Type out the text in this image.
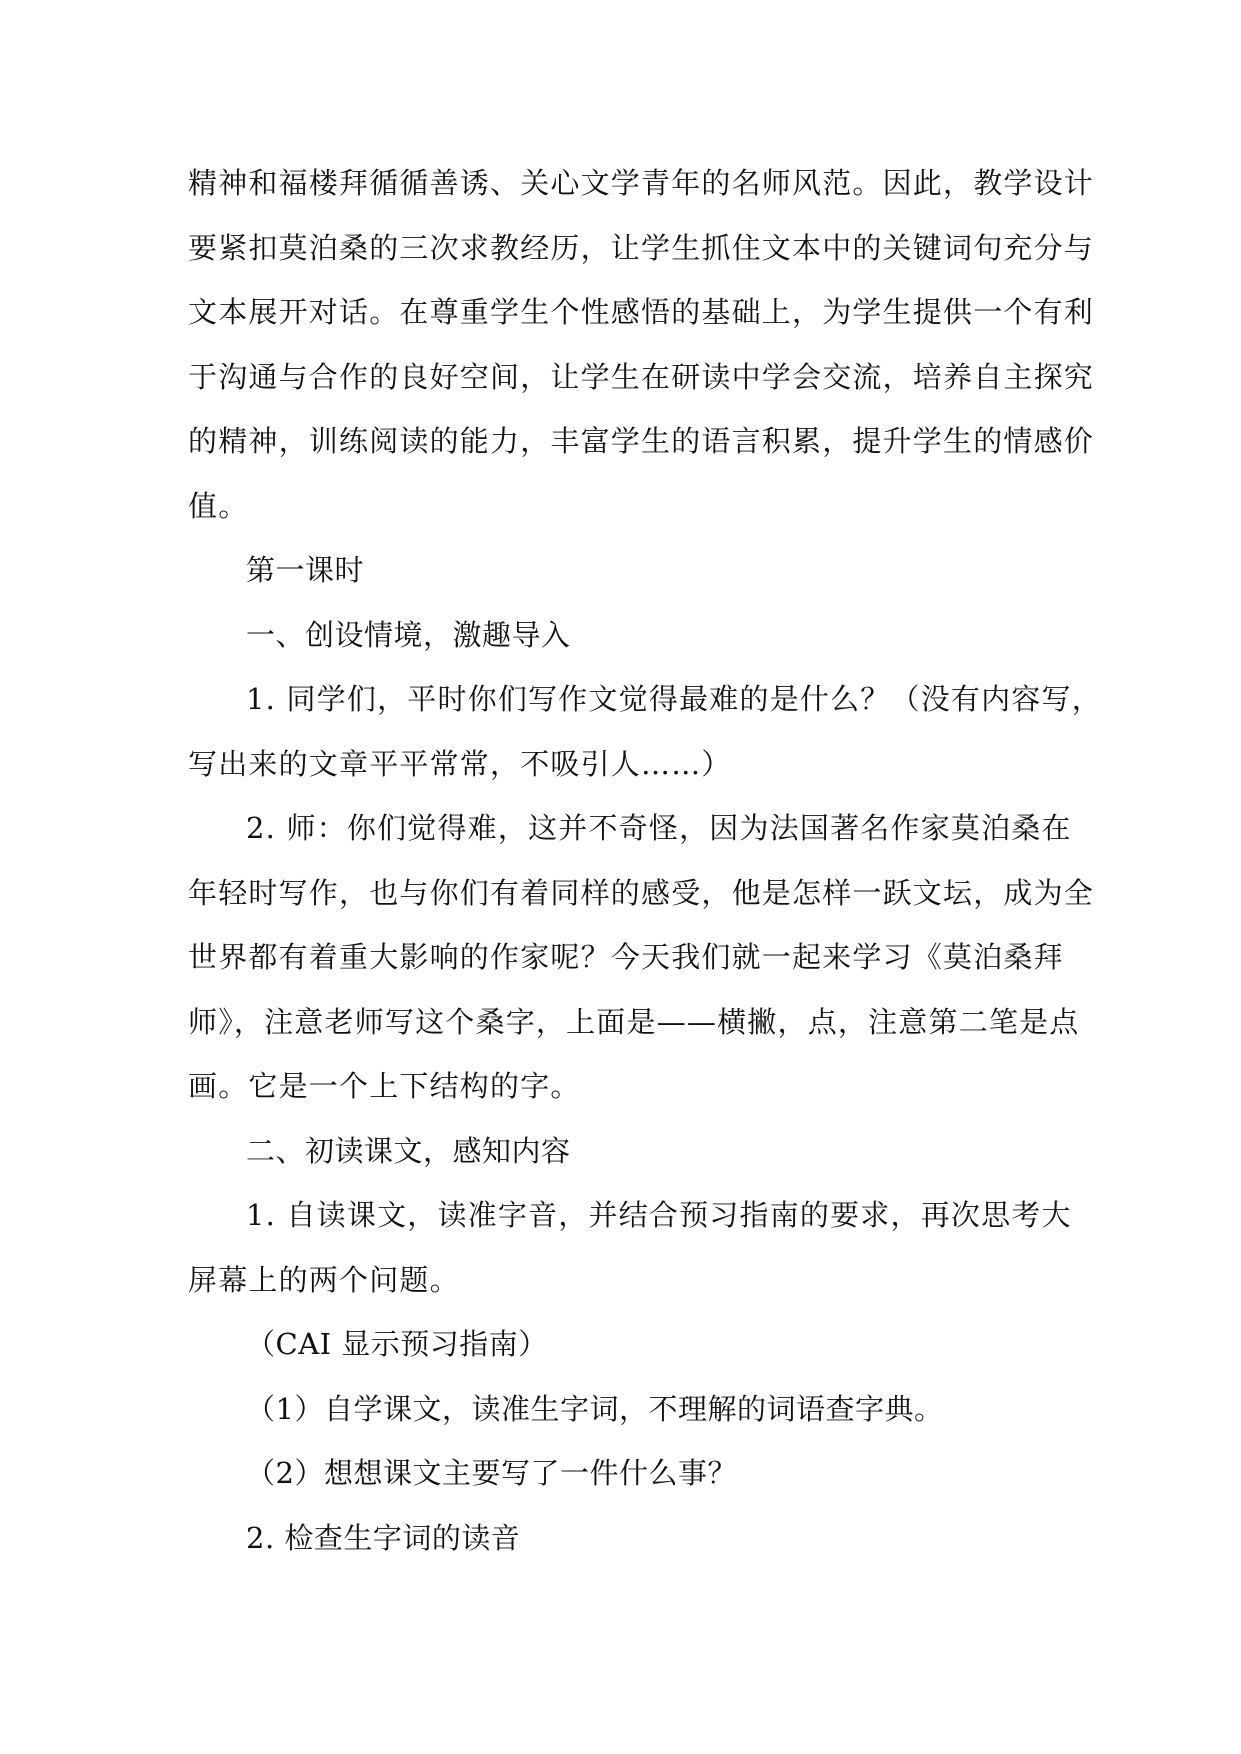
精神和福楼拜循循善诱、关心文学青年的名师风范。因此，教学设计
要紧扣莫泊桑的三次求教经历，让学生抓住文本中的关键词句充分与
文本展开对话。在尊重学生个性感悟的基础上，为学生提供一个有利
于沟通与合作的良好空间，让学生在研读中学会交流，培养自主探究
的精神，训练阅读的能力，丰富学生的语言积累，提升学生的情感价
值。
第一课时
一、创设情境，激趣导入
1. 同学们，平时你们写作文觉得最难的是什么？（没有内容写，
写出来的文章平平常常，不吸引人……）
2. 师：你们觉得难，这并不奇怪，因为法国著名作家莫泊桑在
年轻时写作，也与你们有着同样的感受，他是怎样一跃文坛，成为全
世界都有着重大影响的作家呢？今天我们就一起来学习《莫泊桑拜
师》，注意老师写这个桑字，上面是——横撇，点，注意第二笔是点
画。它是一个上下结构的字。
二、初读课文，感知内容
1. 自读课文，读准字音，并结合预习指南的要求，再次思考大
屏幕上的两个问题。
（CAI 显示预习指南）
（1）自学课文，读准生字词，不理解的词语查字典。
（2）想想课文主要写了一件什么事？
2. 检查生字词的读音
